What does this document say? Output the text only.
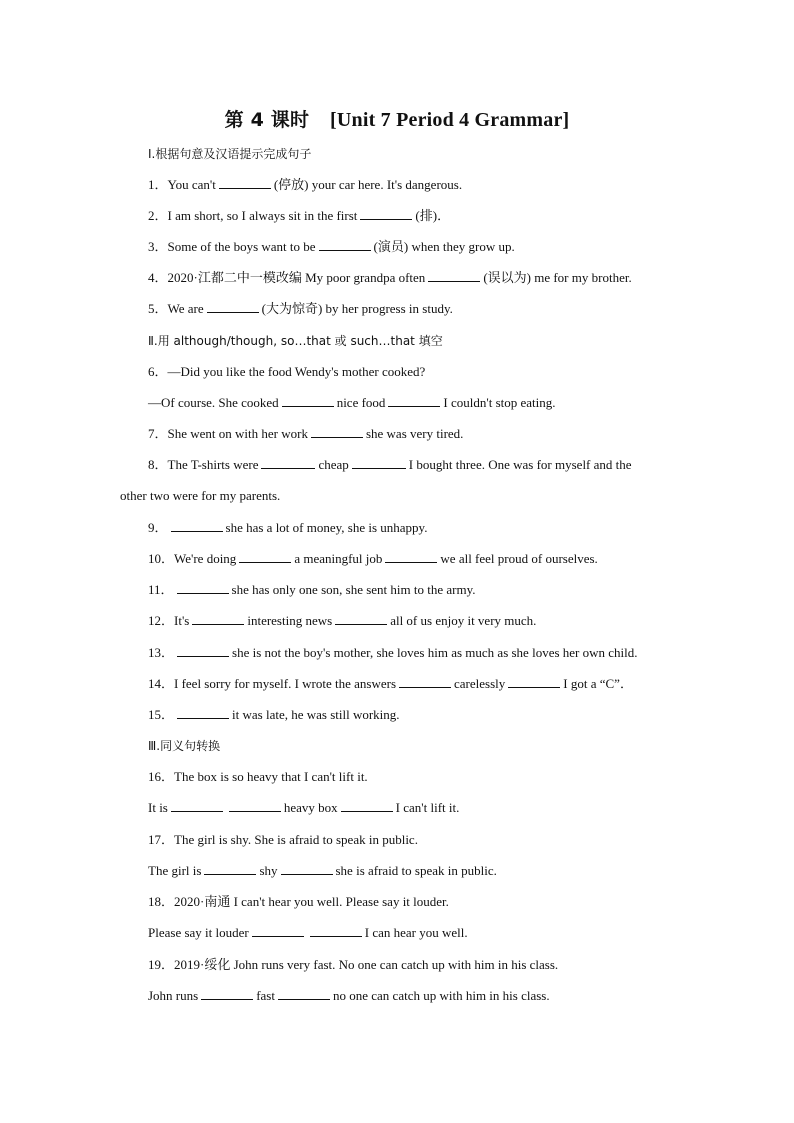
第 4 课时 [Unit 7 Period 4 Grammar]
Ⅰ.根据句意及汉语提示完成句子
1．You can't	(停放) your car here. It's dangerous.
2．I am short, so I always sit in the first	(排)．
3．Some of the boys want to be	(演员) when they grow up.
4．2020·江都二中一模改编 My poor grandpa often	(误以为) me for my brother.
5．We are	(大为惊奇) by her progress in study.
Ⅱ.用 although/though, so…that 或 such…that 填空
6．—Did you like the food Wendy's mother cooked?
—Of course. She cooked	nice food	I couldn't stop eating.
7．She went on with her work	she was very tired.
8．The T-shirts were	cheap	I bought three. One was for myself and the
other two were for my parents.
9．	she has a lot of money, she is unhappy.
10．We're doing	a meaningful job	we all feel proud of ourselves.
11．	she has only one son, she sent him to the army.
12．It's	interesting news	all of us enjoy it very much.
13．	she is not the boy's mother, she loves him as much as she loves her own child.
14．I feel sorry for myself. I wrote the answers	carelessly	I got a “C”．
15．	it was late, he was still working.
Ⅲ.同义句转换
16．The box is so heavy that I can't lift it.
It is	heavy box	I can't lift it.
17．The girl is shy. She is afraid to speak in public.
The girl is	shy	she is afraid to speak in public.
18．2020·南通 I can't hear you well. Please say it louder.
Please say it louder	I can hear you well.
19．2019·绥化 John runs very fast. No one can catch up with him in his class.
John runs	fast	no one can catch up with him in his class.
